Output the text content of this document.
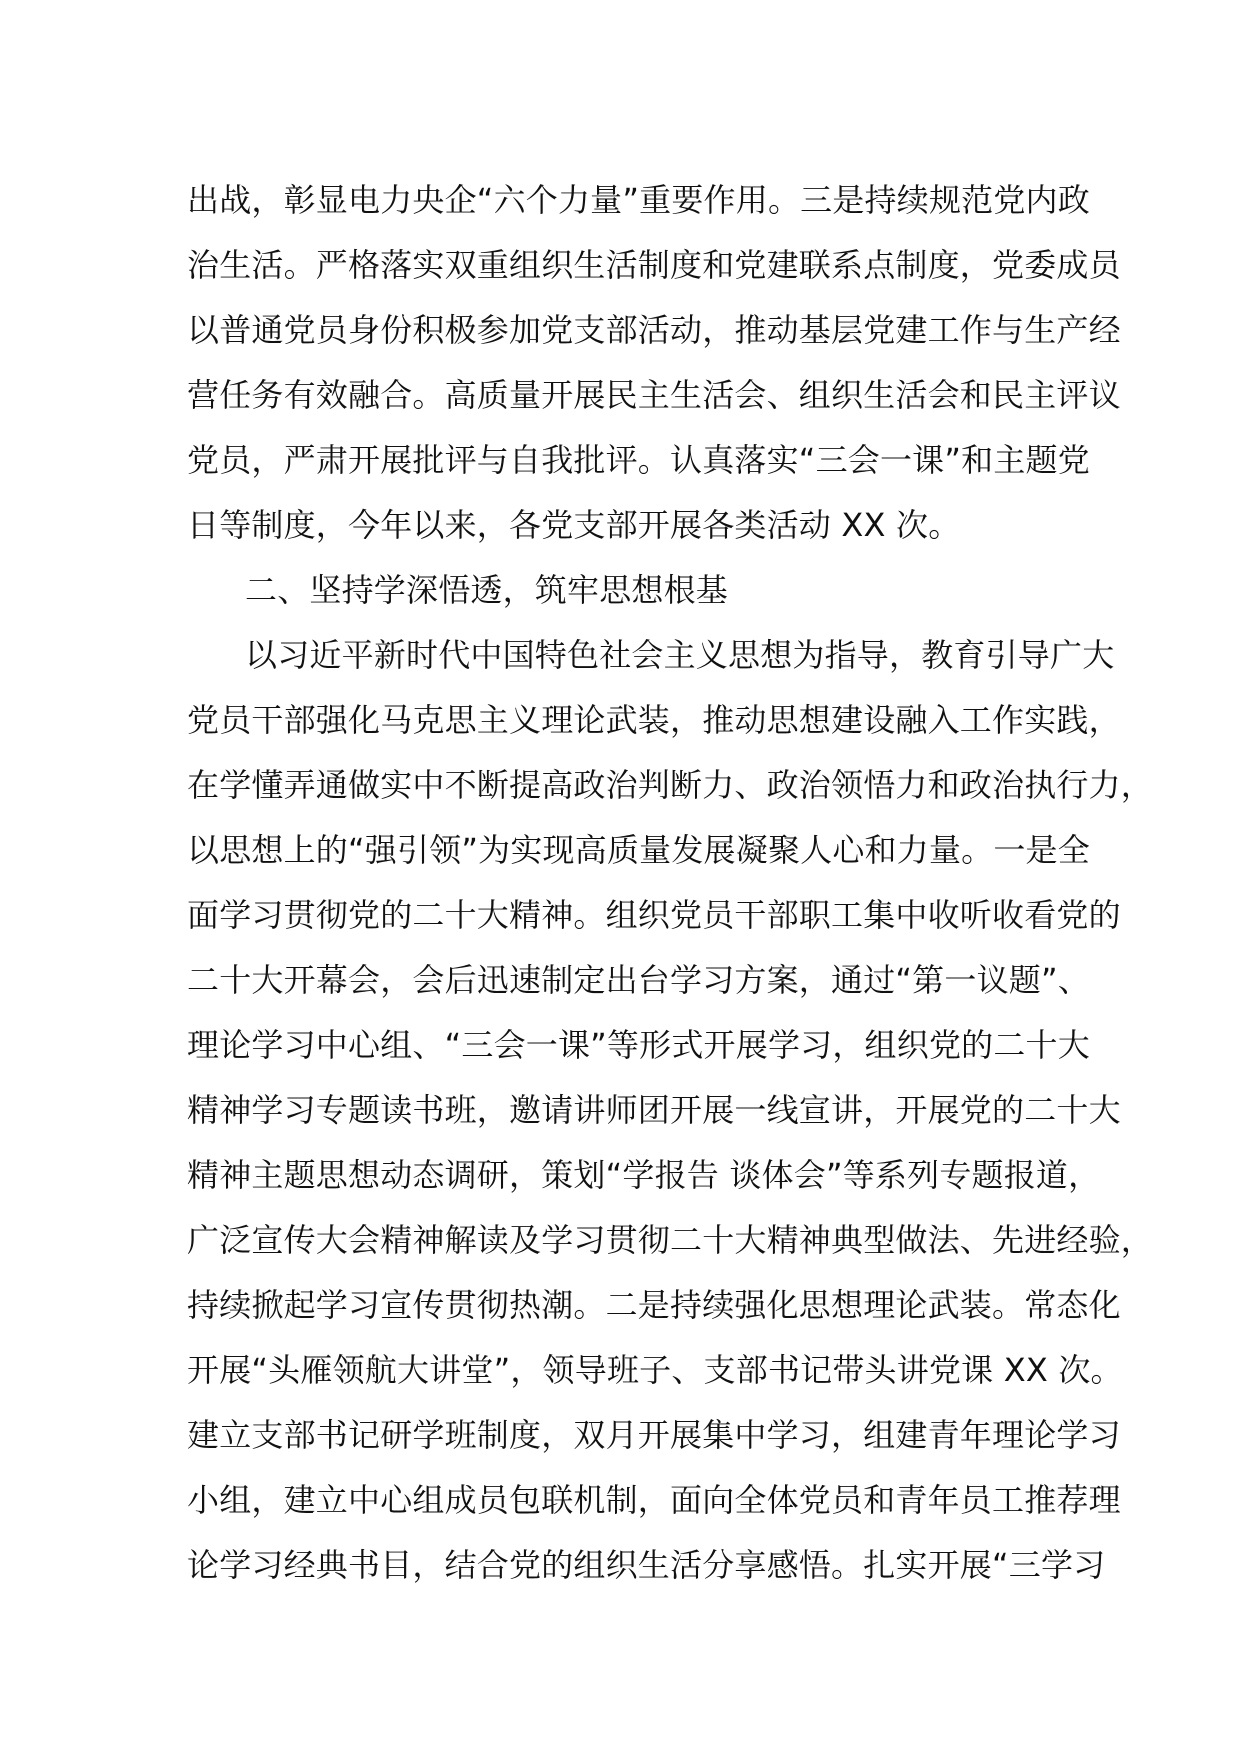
出战，彰显电力央企“六个力量”重要作用。三是持续规范党内政
治生活。严格落实双重组织生活制度和党建联系点制度，党委成员
以普通党员身份积极参加党支部活动，推动基层党建工作与生产经
营任务有效融合。高质量开展民主生活会、组织生活会和民主评议
党员，严肃开展批评与自我批评。认真落实“三会一课”和主题党
日等制度，今年以来，各党支部开展各类活动 XX 次。
二、坚持学深悟透，筑牢思想根基
以习近平新时代中国特色社会主义思想为指导，教育引导广大
党员干部强化马克思主义理论武装，推动思想建设融入工作实践，
在学懂弄通做实中不断提高政治判断力、政治领悟力和政治执行力，
以思想上的“强引领”为实现高质量发展凝聚人心和力量。一是全
面学习贯彻党的二十大精神。组织党员干部职工集中收听收看党的
二十大开幕会，会后迅速制定出台学习方案，通过“第一议题”、
理论学习中心组、“三会一课”等形式开展学习，组织党的二十大
精神学习专题读书班，邀请讲师团开展一线宣讲，开展党的二十大
精神主题思想动态调研，策划“学报告 谈体会”等系列专题报道，
广泛宣传大会精神解读及学习贯彻二十大精神典型做法、先进经验，
持续掀起学习宣传贯彻热潮。二是持续强化思想理论武装。常态化
开展“头雁领航大讲堂”，领导班子、支部书记带头讲党课 XX 次。
建立支部书记研学班制度，双月开展集中学习，组建青年理论学习
小组，建立中心组成员包联机制，面向全体党员和青年员工推荐理
论学习经典书目，结合党的组织生活分享感悟。扎实开展“三学习
